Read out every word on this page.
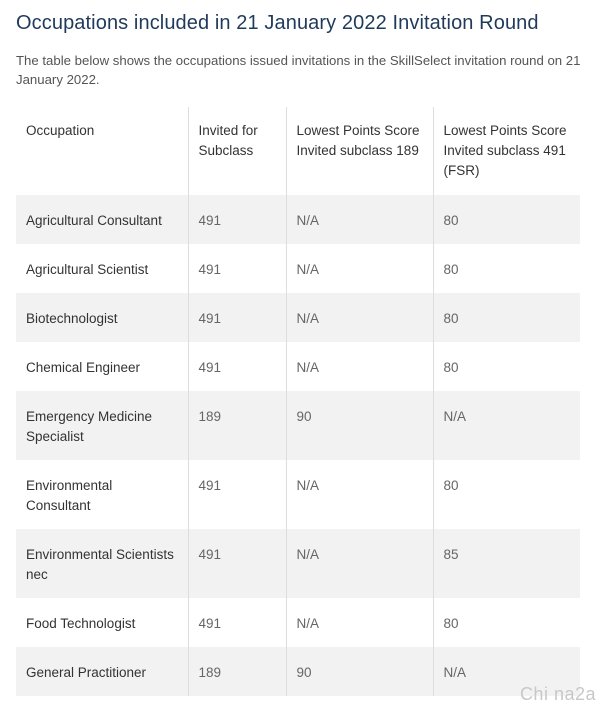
Occupations included in 21 January 2022 Invitation Round

The table below shows the occupations issued invitations in the SkillSelect invitation round on 21 January 2022.

Occupation	Invited for Subclass	Lowest Points Score Invited subclass 189	Lowest Points Score Invited subclass 491 (FSR)
Agricultural Consultant	491	N/A	80
Agricultural Scientist	491	N/A	80
Biotechnologist	491	N/A	80
Chemical Engineer	491	N/A	80
Emergency Medicine Specialist	189	90	N/A
Environmental Consultant	491	N/A	80
Environmental Scientists nec	491	N/A	85
Food Technologist	491	N/A	80
General Practitioner	189	90	N/A
Chi na2a
